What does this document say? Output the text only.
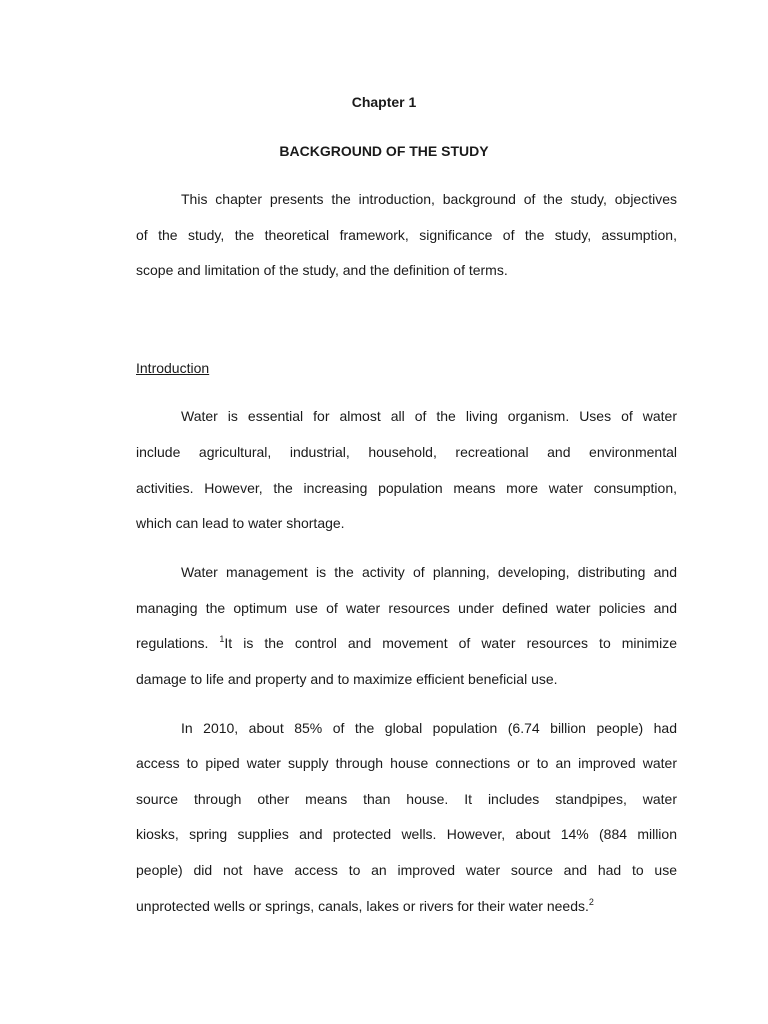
Chapter 1
BACKGROUND OF THE STUDY
This chapter presents the introduction, background of the study, objectives
of the study, the theoretical framework, significance of the study, assumption,
scope and limitation of the study, and the definition of terms.
Introduction
Water is essential for almost all of the living organism. Uses of water
include agricultural, industrial, household, recreational and environmental
activities. However, the increasing population means more water consumption,
which can lead to water shortage.
Water management is the activity of planning, developing, distributing and
managing the optimum use of water resources under defined water policies and
regulations. $^1$It is the control and movement of water resources to minimize
damage to life and property and to maximize efficient beneficial use.
In 2010, about 85% of the global population (6.74 billion people) had
access to piped water supply through house connections or to an improved water
source through other means than house. It includes standpipes, water
kiosks, spring supplies and protected wells. However, about 14% (884 million
people) did not have access to an improved water source and had to use
unprotected wells or springs, canals, lakes or rivers for their water needs.$^2$
